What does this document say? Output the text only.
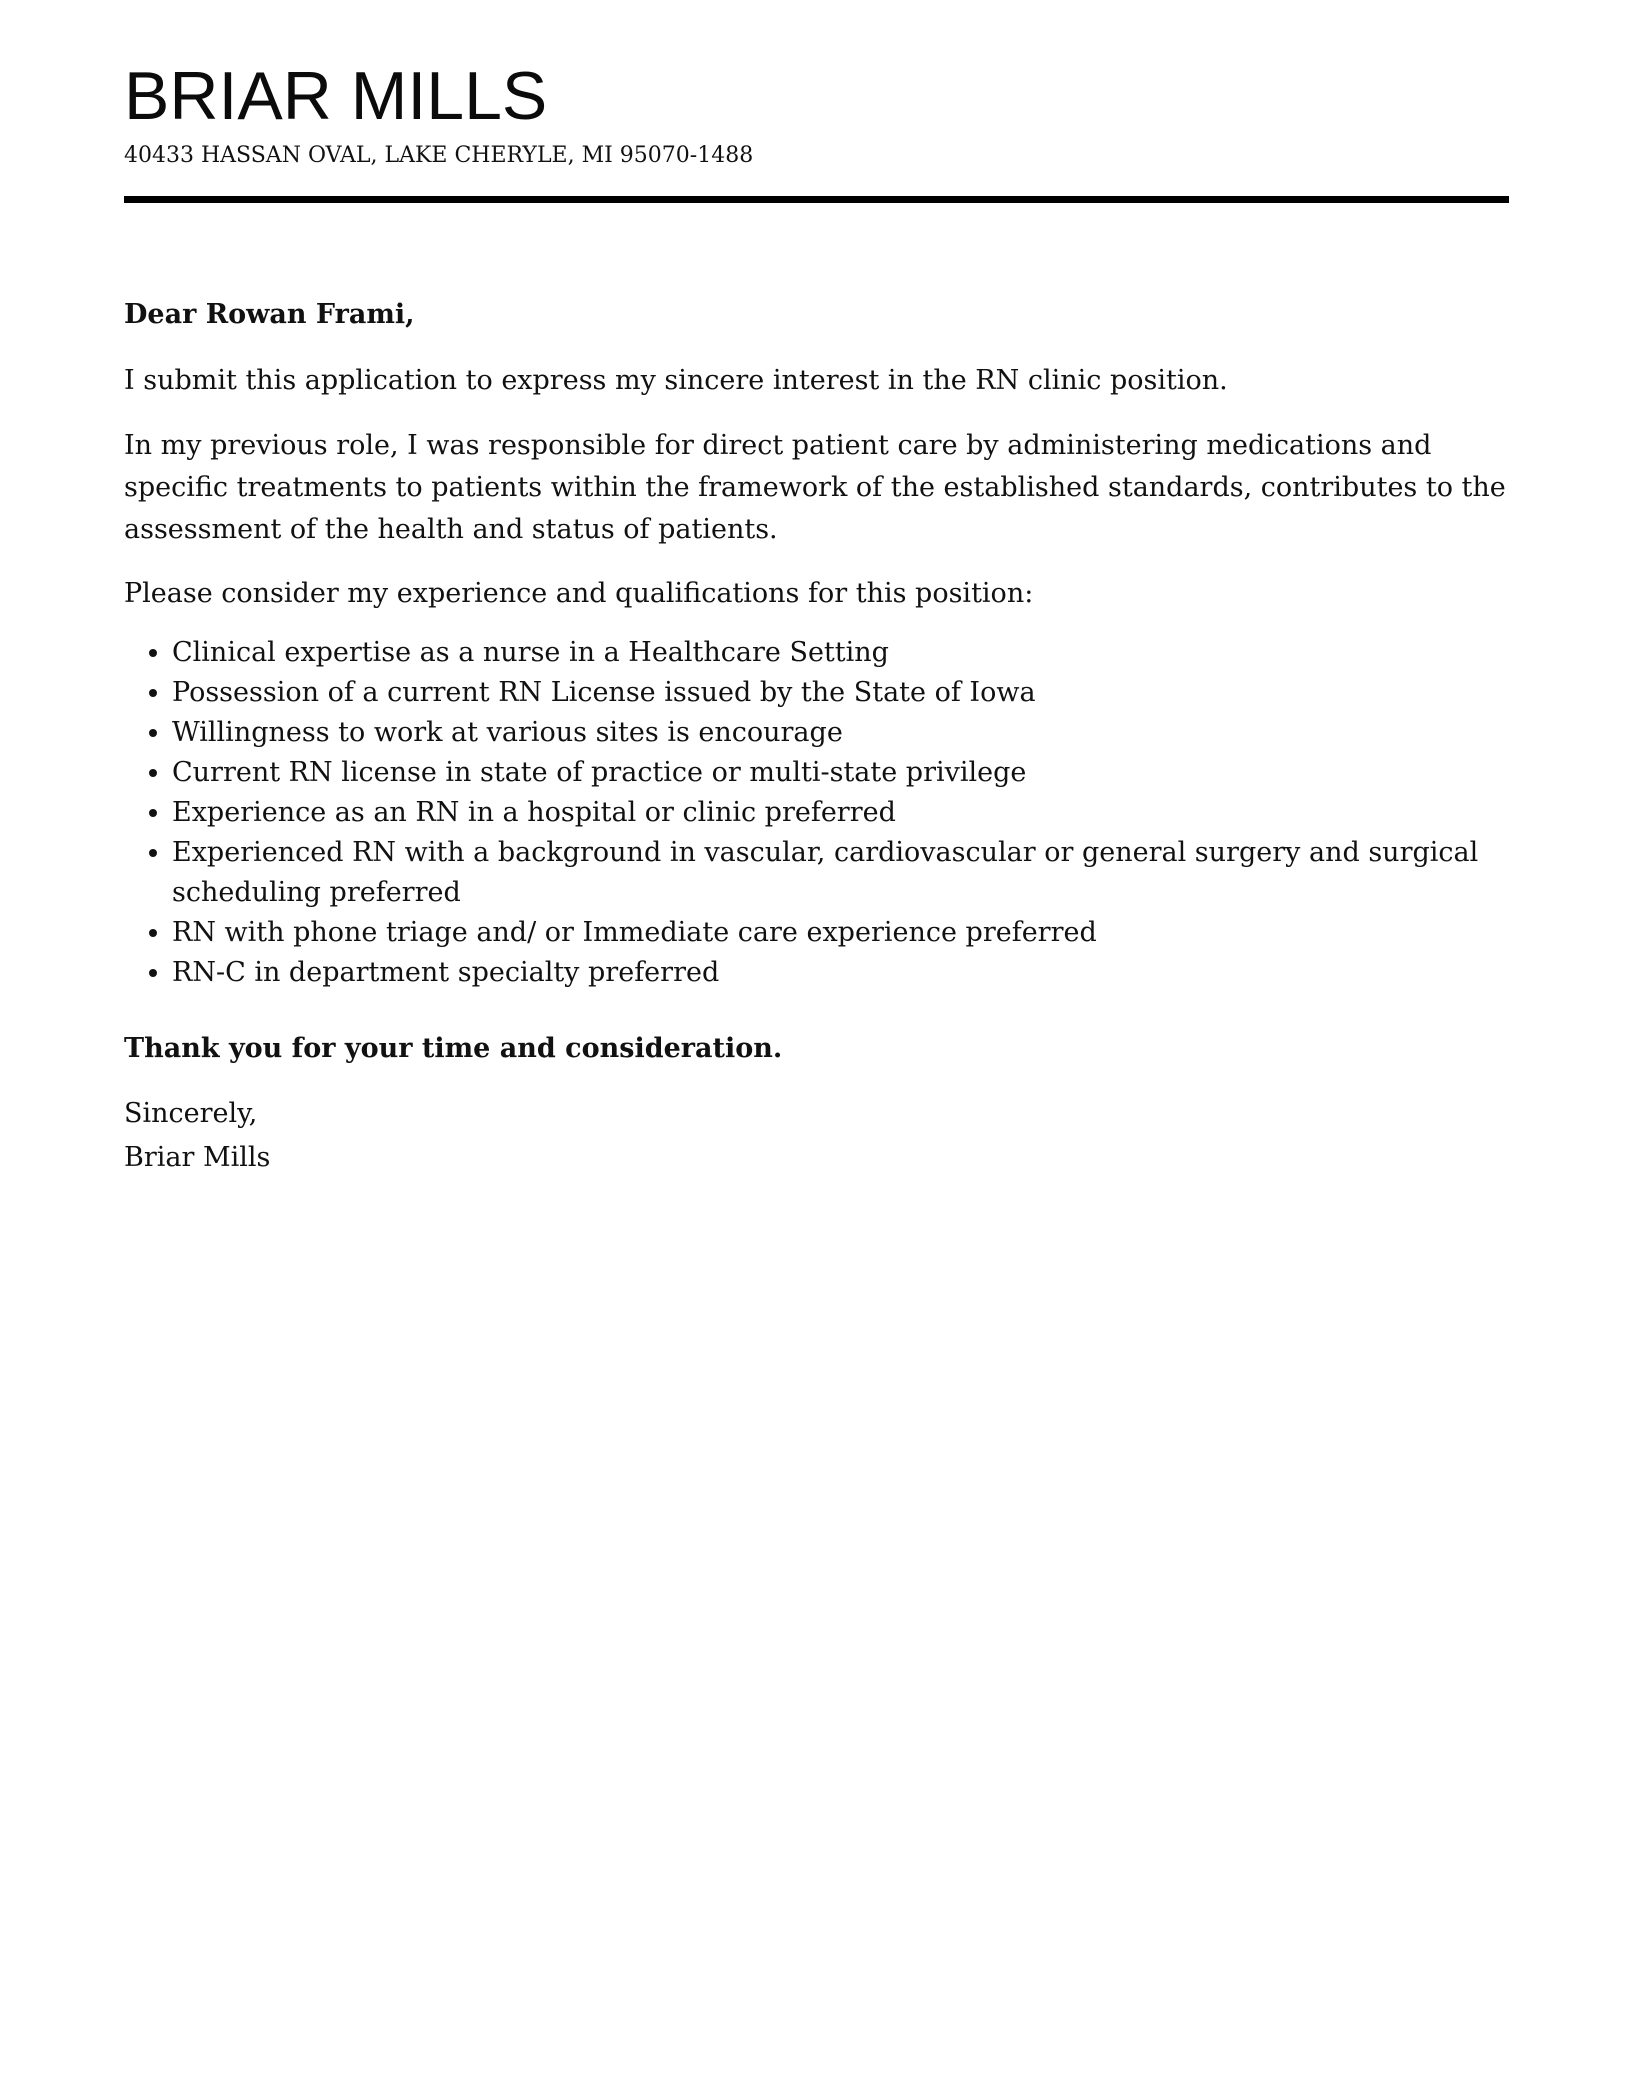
BRIAR MILLS
40433 HASSAN OVAL, LAKE CHERYLE, MI 95070-1488

Dear Rowan Frami,

I submit this application to express my sincere interest in the RN clinic position.

In my previous role, I was responsible for direct patient care by administering medications and specific treatments to patients within the framework of the established standards, contributes to the assessment of the health and status of patients.

Please consider my experience and qualifications for this position:

• Clinical expertise as a nurse in a Healthcare Setting
• Possession of a current RN License issued by the State of Iowa
• Willingness to work at various sites is encourage
• Current RN license in state of practice or multi-state privilege
• Experience as an RN in a hospital or clinic preferred
• Experienced RN with a background in vascular, cardiovascular or general surgery and surgical scheduling preferred
• RN with phone triage and/ or Immediate care experience preferred
• RN-C in department specialty preferred

Thank you for your time and consideration.

Sincerely,
Briar Mills
